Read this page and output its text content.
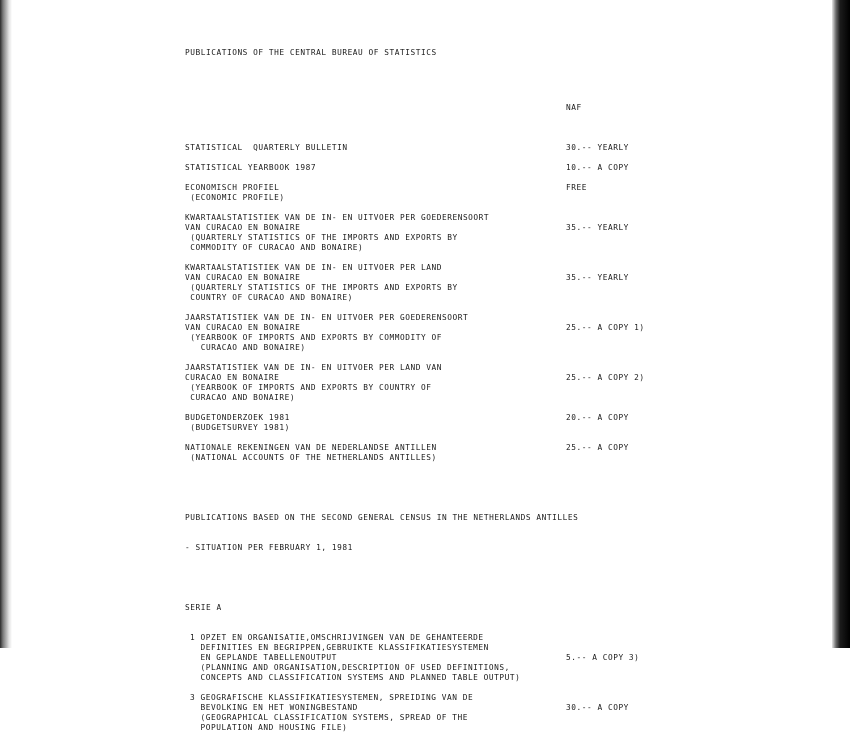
PUBLICATIONS OF THE CENTRAL BUREAU OF STATISTICS

NAF

STATISTICAL  QUARTERLY BULLETIN	30.-- YEARLY
STATISTICAL YEARBOOK 1987	10.-- A COPY
ECONOMISCH PROFIEL	FREE
(ECONOMIC PROFILE)
KWARTAALSTATISTIEK VAN DE IN- EN UITVOER PER GOEDERENSOORT
VAN CURACAO EN BONAIRE	35.-- YEARLY
(QUARTERLY STATISTICS OF THE IMPORTS AND EXPORTS BY
COMMODITY OF CURACAO AND BONAIRE)
KWARTAALSTATISTIEK VAN DE IN- EN UITVOER PER LAND
VAN CURACAO EN BONAIRE	35.-- YEARLY
(QUARTERLY STATISTICS OF THE IMPORTS AND EXPORTS BY
COUNTRY OF CURACAO AND BONAIRE)
JAARSTATISTIEK VAN DE IN- EN UITVOER PER GOEDERENSOORT
VAN CURACAO EN BONAIRE	25.-- A COPY 1)
(YEARBOOK OF IMPORTS AND EXPORTS BY COMMODITY OF
CURACAO AND BONAIRE)
JAARSTATISTIEK VAN DE IN- EN UITVOER PER LAND VAN
CURACAO EN BONAIRE	25.-- A COPY 2)
(YEARBOOK OF IMPORTS AND EXPORTS BY COUNTRY OF
CURACAO AND BONAIRE)
BUDGETONDERZOEK 1981	20.-- A COPY
(BUDGETSURVEY 1981)
NATIONALE REKENINGEN VAN DE NEDERLANDSE ANTILLEN	25.-- A COPY
(NATIONAL ACCOUNTS OF THE NETHERLANDS ANTILLES)

PUBLICATIONS BASED ON THE SECOND GENERAL CENSUS IN THE NETHERLANDS ANTILLES

- SITUATION PER FEBRUARY 1, 1981

SERIE A

1 OPZET EN ORGANISATIE,OMSCHRIJVINGEN VAN DE GEHANTEERDE
DEFINITIES EN BEGRIPPEN,GEBRUIKTE KLASSIFIKATIESYSTEMEN
EN GEPLANDE TABELLENOUTPUT	5.-- A COPY 3)
(PLANNING AND ORGANISATION,DESCRIPTION OF USED DEFINITIONS,
CONCEPTS AND CLASSIFICATION SYSTEMS AND PLANNED TABLE OUTPUT)
3 GEOGRAFISCHE KLASSIFIKATIESYSTEMEN, SPREIDING VAN DE
BEVOLKING EN HET WONINGBESTAND	30.-- A COPY
(GEOGRAPHICAL CLASSIFICATION SYSTEMS, SPREAD OF THE
POPULATION AND HOUSING FILE)
